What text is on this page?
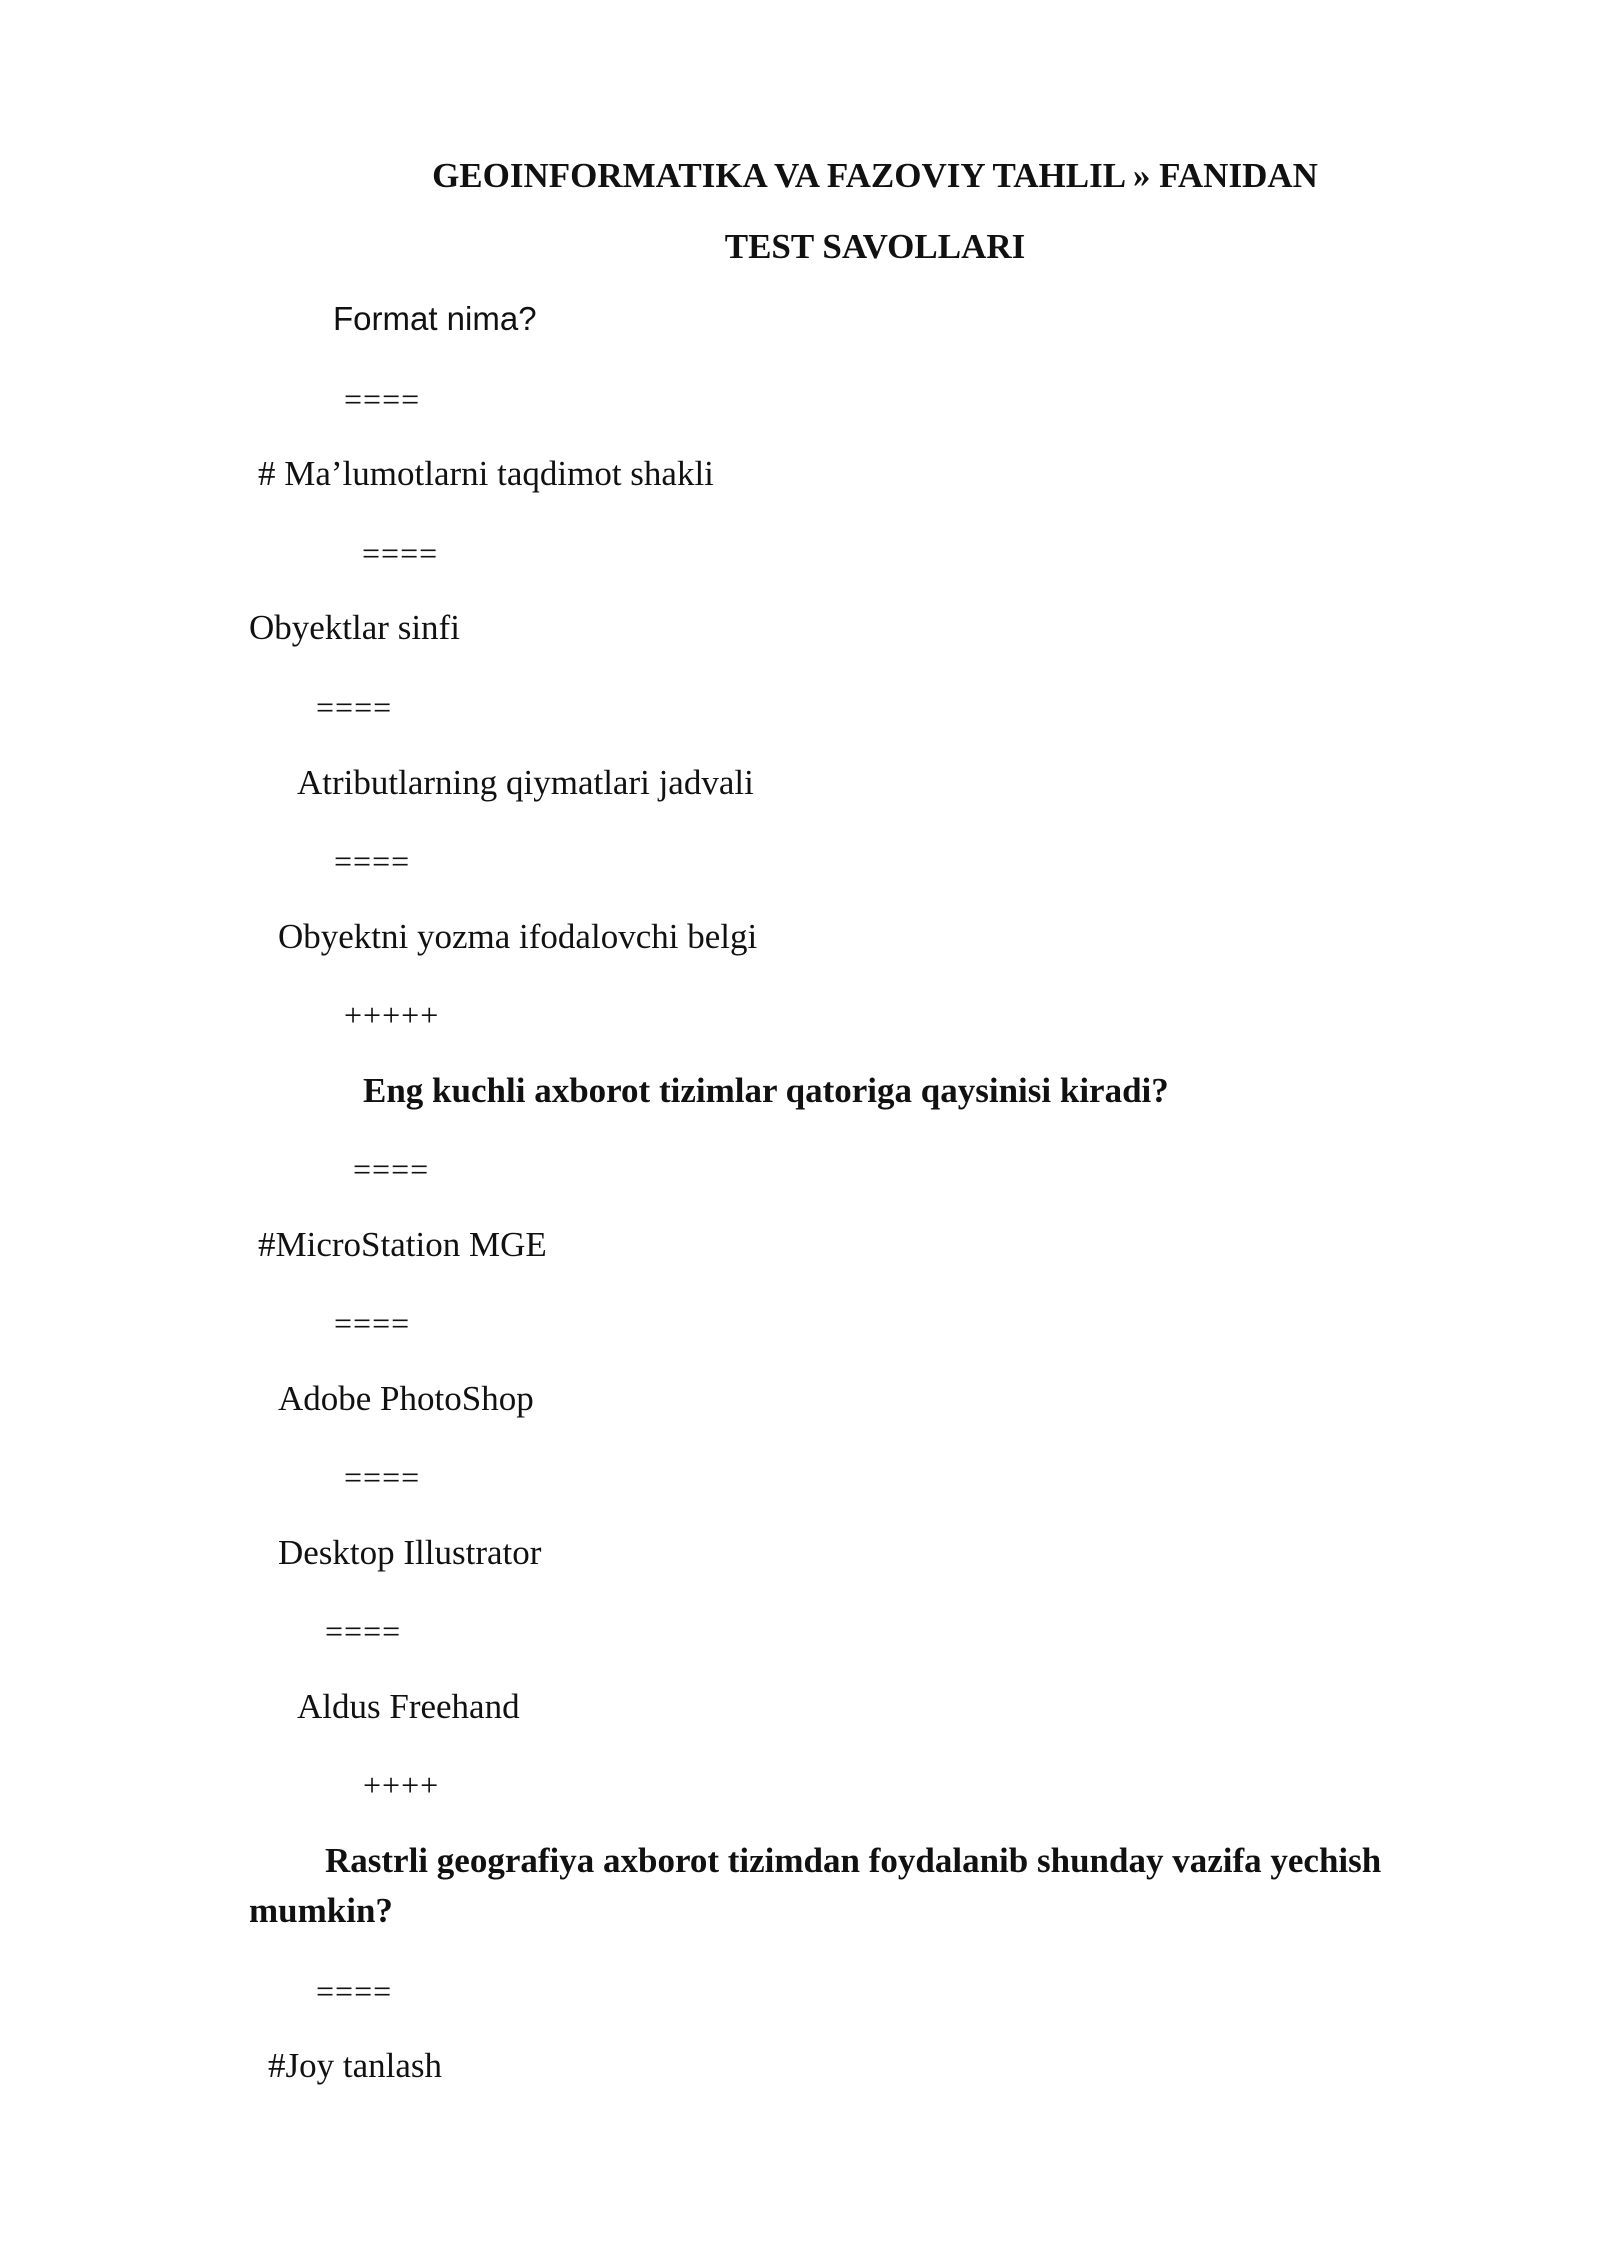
GEOINFORMATIKA VA FAZOVIY TAHLIL » FANIDAN
TEST SAVOLLARI
Format nima?
====
# Ma’lumotlarni taqdimot shakli
====
Obyektlar sinfi
====
Atributlarning qiymatlari jadvali
====
Obyektni yozma ifodalovchi belgi
+++++
Eng kuchli axborot tizimlar qatoriga qaysinisi kiradi?
====
#MicroStation MGE
====
Adobe PhotoShop
====
Desktop Illustrator
====
Aldus Freehand
++++
Rastrli geografiya axborot tizimdan foydalanib shunday vazifa yechish
mumkin?
====
#Joy tanlash
